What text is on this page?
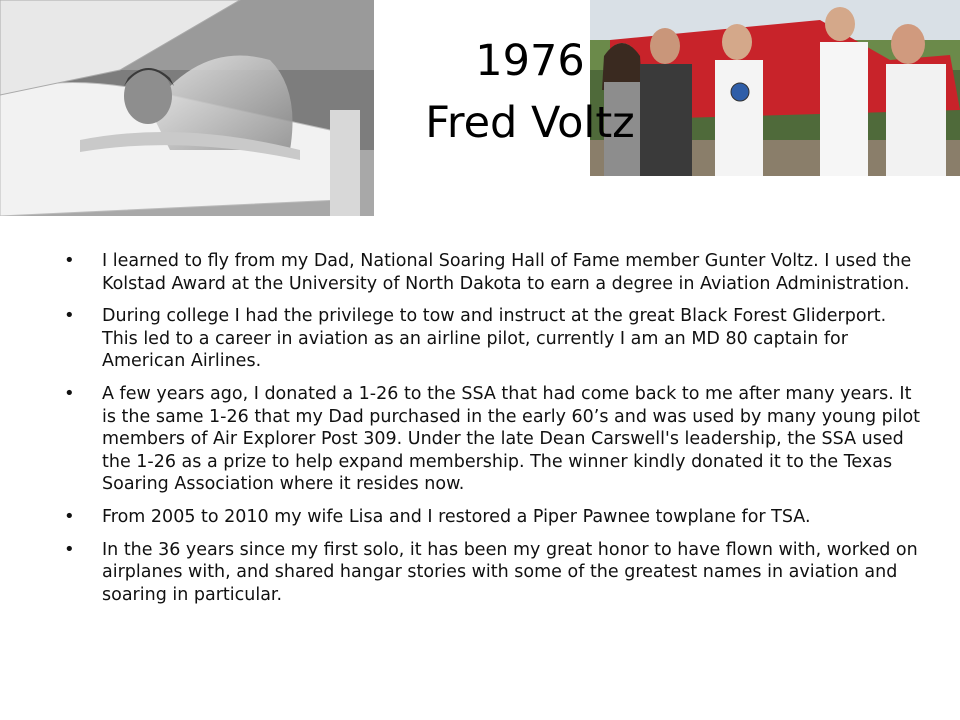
1976
Fred Voltz
• I learned to fly from my Dad, National Soaring Hall of Fame member Gunter Voltz. I used the Kolstad Award at the University of North Dakota to earn a degree in Aviation Administration.
• During college I had the privilege to tow and instruct at the great Black Forest Gliderport. This led to a career in aviation as an airline pilot, currently I am an MD 80 captain for American Airlines.
• A few years ago, I donated a 1-26 to the SSA that had come back to me after many years. It is the same 1-26 that my Dad purchased in the early 60’s and was used by many young pilot members of Air Explorer Post 309. Under the late Dean Carswell's leadership, the SSA used the 1-26 as a prize to help expand membership. The winner kindly donated it to the Texas Soaring Association where it resides now.
• From 2005 to 2010 my wife Lisa and I restored a Piper Pawnee towplane for TSA.
• In the 36 years since my first solo, it has been my great honor to have flown with, worked on airplanes with, and shared hangar stories with some of the greatest names in aviation and soaring in particular.
